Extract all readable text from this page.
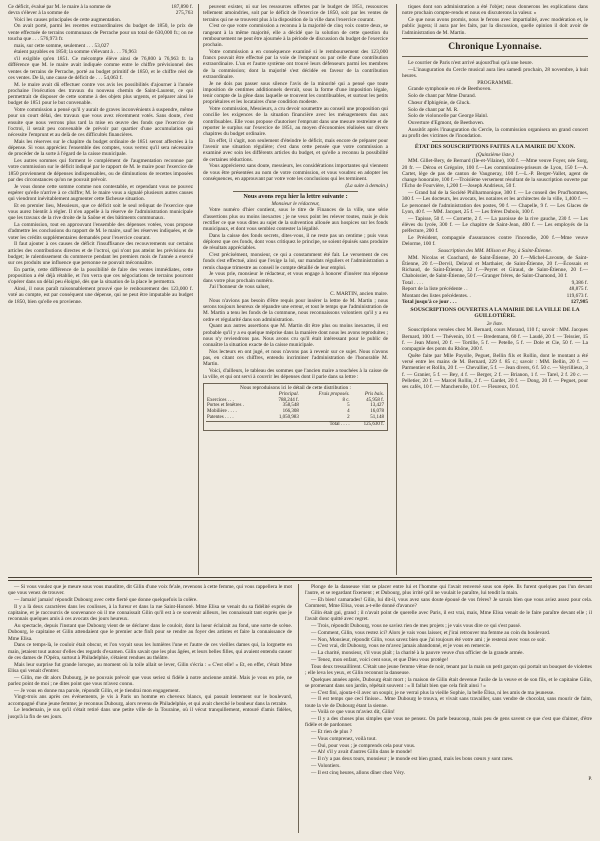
Ce déficit, évalué par M. le maire à la somme de	187,890 f.
devra s'élever à la somme de	275,763

Voici les causes principales de cette augmentation.

On avait porté, parmi les recettes extraordinaires du budget de 1850, le prix de vente effectuée de terrains communaux de Perrache pour un total de 630,000 fr.; on ne toucha que . . . 576,973 fr.

mais, sur cette somme, seulement . . . 53,027

étaient payables en 1850; la somme s'élevant à . . . 76,963

s'il exigible qu'en 1851. Ce mécompte élève ainsi de 76,800 à 76,963 fr. la différence que M. le maire avait indiquée comme entre le chiffre prévisionnel des ventes de terrains de Perrache, porté au budget primitif de 1850, et le chiffre réel de ces ventes. De là, une cause de déficit de . . . 54,063 f.

M. le maire avait dû effectuer contre vos avis les possibilités d'ajourner à l'année prochaine l'exécution des travaux du nouveau chemin de Saint-Laurent, ce qui permettrait de disposer de cette somme à des objets plus urgents, et préparer ainsi le budget de 1851 pour le but convenable.

Votre commission a pensé qu'il y aurait de graves inconvénients à suspendre, même pour un court délai, des travaux que vous avez récemment votés. Sans doute, c'est ensuite que nous verrons plus tard la mise en œuvre des fonds que l'exercice de l'octroi, il serait peu convenable de prévoir par quartier d'une accumulation qui nécessite l'emprunt et au delà de ces difficultés financières.

Mais les réserves sur le chapitre du budget ordinaire de 1851 seront affectées à la dépense. Si vous appréciez l'ensemble des comptes, vous verrez qu'il sera nécessaire de procéder de la sorte à l'égard de la caisse municipale.

Les autres sommes qui forment le complément de l'augmentation reconnue par votre commission sur le déficit indiqué par le rapport de M. le maire pour l'exercice de 1850 proviennent de dépenses indispensables, ou de diminutions de recettes imposées par des circonstances qu'on ne pouvait prévoir.

Je vous donne cette somme comme non contestable, et cependant vous ne pouvez espérer qu'elle n'arrive à ce chiffre; M. le maire vous a signalé plusieurs autres causes qui viendront inévitablement augmenter cette fâcheuse situation.

Et en premier lieu, Messieurs, que ce déficit soit le seul reliquat de l'exercice que vous aurez bientôt à régler. Il n'en appelle à la réserve de l'administration municipale que les travaux de la rive droite de la Saône et des bâtiments communaux.

La commission, tout en approuvant l'ensemble des dépenses votées, vous propose d'admettre les conclusions du rapport de M. le maire, sauf les réserves indiquées, et de voter les crédits supplémentaires demandés pour l'exercice courant.

Il faut ajouter à ces causes de déficit l'insuffisance des recouvrements sur certains articles des contributions directes et de l'octroi, qui n'ont pas atteint les prévisions du budget; le ralentissement du commerce pendant les premiers mois de l'année a exercé sur ces produits une influence que personne ne pouvait méconnaître.

En partie, cette différence de la possibilité de faire des ventes immédiates, cette proposition a été déjà rétablie, et l'on verra que ces négociations de terrains pourront s'opérer dans un délai peu éloigné, dès que la situation de la place le permettra.

Ainsi, il nous paraît raisonnablement prouvé que le renbourement des 123,000 f. voté au compte, est par conséquent une dépense, qui ne peut être imputable au budget de 1850, bien qu'elle en provienne.

peuvent exister, ni sur les ressources offertes par le budget de 1851, ressources tellement amoindries, soit par le déficit de l'exercice de 1850, soit par les ventes de terrains qui ne se trouvent plus à la disposition de la ville dans l'exercice courant.

C'est ce que votre commission a reconnu à la majorité de cinq voix contre deux, se rangeant à la même majorité, elle a décidé que la solution de cette question du remboursement ne peut être ajournée à la période de discussion du budget de l'exercice prochain.

Votre commission a en conséquence examiné si le remboursement des 123,000 francs pouvait être effectué par la voie de l'emprunt ou par celle d'une contribution extraordinaire. L'un et l'autre système ont trouvé leurs défenseurs parmi les membres de la commission; dont la majorité s'est décidée en faveur de la contribution extraordinaire.

Je ne dois pas passer sous silence l'avis de la minorité qui a pensé que toute imposition de centimes additionnels devrait, sous la forme d'une imposition légale, tenir compte de la gêne dans laquelle se trouvent les contribuables, et surtout les petits propriétaires et les locataires d'une condition modeste.

Votre commission, Messieurs, a cru devoir soumettre au conseil une proposition qui concilie les exigences de la situation financière avec les ménagements dus aux contribuables. Elle vous propose d'autoriser l'emprunt dans une mesure restreinte et de reporter le surplus sur l'exercice de 1851, au moyen d'économies réalisées sur divers chapitres du budget ordinaire.

En effet, il s'agit, non seulement d'éteindre le déficit, mais encore de préparer pour l'avenir une situation régulière; c'est dans cette pensée que votre commission a examiné avec soin les différents articles du budget, et qu'elle a reconnu la possibilité de certaines réductions.

Vous apprécierez sans doute, messieurs, les considérations importantes qui viennent de vous être présentées au nom de votre commission, et vous voudrez en adopter les conséquences, en approuvant par votre vote les conclusions qui les terminent.

(La suite à demain.)

Nous avons reçu hier la lettre suivante :

Monsieur le rédacteur,

Votre numéro d'hier contient, sous le titre de Finances de la ville, une série d'assertions plus ou moins inexactes ; je ne veux point les relever toutes, mais je dois rectifier ce que vous dites au sujet de la subvention allouée aux hospices sur les fonds municipaux, et dont vous semblez contester la légalité.

Dans la caisse des fonds secrets, dites-vous, il ne reste pas un centime ; puis vous déplorez que ces fonds, dont vous critiquez le principe, se soient épuisés sans produire de résultats appréciables.

C'est précisément, monsieur, ce qui a constamment été fait. Le versement de ces fonds s'est effectué, ainsi que l'exige la loi, sur mandats réguliers et l'administration a remis chaque trimestre au conseil le compte détaillé de leur emploi.

Je vous prie, monsieur le rédacteur, et vous engage à honorer d'insérer ma réponse dans votre plus prochain numéro.

J'ai l'honneur de vous saluer,

C. MARTIN, ancien maire.

Nous n'avions pas besoin d'être requis pour insérer la lettre de M. Martin ; nous serons toujours heureux de répandre une erreur, et tout le temps que l'administration de M. Martin a tenu les fonds de la commune, nous reconnaissons volontiers qu'il y a eu ordre et régularité dans son administration.

Quant aux autres assertions que M. Martin dit être plus ou moins inexactes, il est probable qu'il y a eu quelque méprise dans la manière dont nous les avons reproduites ; nous n'y reviendrons pas. Nous avons cru qu'il était intéressant pour le public de connaître la situation exacte de la caisse municipale.

Nos lecteurs en ont jugé, et nous n'avons pas à revenir sur ce sujet. Nous n'avons pas, en citant ces chiffres, entendu incriminer l'administration de l'honorable M. Martin.

Voici, d'ailleurs, le tableau des sommes que l'ancien maire a touchées à la caisse de la ville, et qui ont servi à couvrir les dépenses dont il parle dans sa lettre :

Nous reproduisons ici le détail de cette distribution :

	Principal.	Frais proposés.	Pris bais.
Exercices . . .	788,244 f.	8 c.	45,958 f.
Portes et fenêtres .	358,548	5	13,427
Mobilière . . . .	166,308	4	16,078
Patentes . . . .	1,050,983	2	51,148
Total . . . .			125,630 f.

tiques dont son administration a été l'objet; nous donnerons les explications dans notre prochain compte-rendu et nous en discuterons la valeur. »

Ce que nous avons promis, nous le ferons avec impartialité, avec modération et, le public jugera; il aura par les faits, par la discussion, quelle opinion il doit avoir de l'administration de M. Martin.

Chronique Lyonnaise.

Le courrier de Paris n'est arrivé aujourd'hui qu'à une heure.

—L'inauguration du Cercle musical aura lieu samedi prochain, 28 novembre, à huit heures.

PROGRAMME.

Grande symphonie en ré de Beethoven.

Solo de chant par Mme Durand.

Chœur d'Iphigénie, de Gluck.

Solo de chant par M. R.

Solo de violoncelle par George Hainl.

Ouverture d'Egmont, de Beethoven.

Aussitôt après l'inauguration du Cercle, la commission organisera un grand concert au profit des victimes de l'inondation.

ÉTAT DES SOUSCRIPTIONS FAITES A LA MAIRIE DU XXON.

(Quinzième liste.)

MM. Gillet-Bery, de Bernard (Ile-et-Vilaine), 100 f. —Mme veuve Foyer, née Sorg, 20 fr. — Dérou et Grégoire, 100 f.—Les commissaires-priseurs de Lyon, 150 f.—A. Cartet, lège de pas de canton de Vaugneray, 100 f.—L.-P. Berger-Vallet, agent de change honoraire, 100 f.—Troisième versement résultant de la souscription ouverte par l'Écho de Fourvière, 1,200 f.—Joseph Andrieux, 50 f.

— Grand bal de la Société Philharmonique, 300 f. — Le conseil des Prud'hommes, 300 f. — Les docteurs, les avocats, les notaires et les architectes de la ville, 1,400 f. — Le personnel de l'administration des postes, 90 f. — Chapelle, 9 f. — Les Glaces de Lyon, 40 f. — MM. Jacquet, 25 f. — Les frères Dubois, 100 f.

— Tapisse, 50 f. — Cornette, 2 f. — La paroisse de la rive gauche, 230 f. — Les élèves du lycée, 300 f. — Le chapitre de Saint-Jean, 400 f. — Les employés de la préfecture, 200 f.

Le Président, compagnie d'assurances contre l'incendie, 200 f.—Mme veuve Delorme, 100 f.

Souscription des MM. Milson et Poy, à Saint-Étienne.

MM. Nicolas et Coachard, de Saint-Étienne, 20 f.—Michel-Lavoute, de Saint-Étienne, 20 f.—Dervil, Delaval et Marthaier, de Saint-Étienne, 20 f.—Écossais et Richaud, de Saint-Étienne, 32 f.—Peyret et Giraud, de Saint-Étienne, 20 f.—Chaboissier, de Saint-Étienne, 50 f.—Granger frères, de Saint-Chamond, 30 f.

Total . . . .	9,386 f.
Report de la liste précédente . .	48,875 f.
Montant des listes précédentes. .	119,673 f.
Total jusqu'à ce jour . . .	127,985

SOUSCRIPTIONS OUVERTES A LA MAIRIE DE LA VILLE DE LA GUILLOTIÈRE.

2e liste.

Souscriptions versées chez M. Bernard, cours Morand, 110 f.; savoir : MM. Jacques Bernard, 100 f. — Thévenin, 10 f. — Bredemann, 60 f. — Laudé, 20 f. — Teissier, 15 f. — Jean Morel, 20 f. — Tortille, 5 f. — Petelle, 5 f. — Dole et Cie, 50 f. — La compagnie des ponts du Rhône, 200 f.

Quête faite par Mlle Payolle, Peguet, Bellin fils et Rollin, dont le montant a été versé entre les mains de M. Bernard, 229 f. 85 c.; savoir : MM. Bellin, 20 f. — Parmentier et Rollin, 20 f. — Chevallier, 5 f. — Jean divers, 6 f. 50 c. — Veyrillieux, 3 f. — Granier, 5 f. — Bey, 4 f. — Berger, 2 f. — Brianon, 1 f. — Tarel, 2 f. 20 c. — Pelletier, 20 f. — Marcel Rollin, 2 f. — Gardet, 20 f. — Dong, 20 f. — Peguet, pour ses cafés, 10 f. — Mancherolle, 10 f. — Fleureux, 10 f.

— Si vous voulez que je meure sous vous mauditre, dit Gilin d'une voix fe'ale, revenons à cette femme, qui vous rappellera le mot que vous venez de trouver.

— Jamais! jamais! répondit Dubourg avec cette fierté que donne quelquefois la colère.

Il y a là deux caractères dans les coulisses, à la fureur et dans la rue Saint-Honoré. Mme Elisa se venait du sa fidélité exprès de capitaine, et je raccourcis de souvenance où il me connaissait Gilin qu'il est à ce souvenir ailleurs, les connaissait tant exprès que je reconnais quelques amis à ces avocats des jours heureux.

Au spectacle, depuis l'instant que Dubourg vient de se déclarer dans le couloir, dont la lueur éclairait au fond, une sorte de scène. Dubourg, le capitaine et Gilin attendaient que le premier acte finît pour se rendre au foyer des artistes et faire la connaissance de Mme Elisa.

Dans ce temps-là, le couloir était obscur, et l'on voyait sous les lumières l'une et l'autre de ces vieilles dames qui, la lorgnette en main, jetaient tout autour d'elles des regards d'examen. Gilin savait que les plus âgées, et leurs belles filles, qui avaient entendu causer de ces dames de l'Opéra, surtout à Philadelphie, s'étaient rendues au théâtre.

Mais leur surprise fut grande lorsque, au moment où la toile allait se lever, Gilin s'écria : « C'est elle! » Et, en effet, c'était Mme Elisa qui venait d'entrer.

— Gilin, me dit alors Dubourg, je ne pouvais prévoir que vous seriez si fidèle à notre ancienne amitié. Mais je vous en prie, ne parlez point de moi ; ne dites point que vous m'avez connu.

— Je vous en donne ma parole, répondit Gilin, et je tiendrai mon engagement.

Vingt-trois ans après ces événements, je vis à Paris un homme en cheveux blancs, qui passait lentement sur le boulevard, accompagné d'une jeune femme; je reconnus Dubourg, alors revenu de Philadelphie, et qui avait cherché le bonheur dans la retraite.

Le lendemain, je sus qu'il s'était retiré dans une petite ville de la Touraine, où il vécut tranquillement, entouré d'amis fidèles, jusqu'à la fin de ses jours.

Plonge de la danseuse vint se placer entre lui et l'homme qui l'avait renversé sous son épée. Ils furent quelques pas l'un devant l'autre, et se regardant fixement ; et Dubourg, plus irrité qu'il ne voulait le paraître, lui tendit la main.

— Eh bien! camarades! Gilin, lui dit-il, vous avez sans doute épousé de vos frères? Je savais bien que vous aviez assez pour cela. Comment, Mme Elisa, vous a-t-elle donné d'avance?

Gilin était gai, grand ; il n'avait point de querelle avec Paris, il est vrai, mais, Mme Elisa venait de le faire paraître devant elle ; il l'avait donc quitté avec regret.

— Trois, répondit Dubourg, vous ne saviez rien de mes projets ; je vais vous dire ce qui s'est passé.

— Comment, Gilin, vous restez ici? Alors je vais vous laisser, et j'irai retrouver ma femme au coin du boulevard.

— Non, Monsieur, répondit Gilin, vous savez bien que j'ai toujours été votre ami ; je resterai avec vous ce soir.

— C'est vrai, dit Dubourg, vous ne m'avez jamais abandonné, et je vous en remercie.

— La charité, monsieur, s'il vous plaît ; la charité à la pauvre veuve d'un officier de la grande armée.

— Tenez, mon enfant, voici cent sous, et que Dieu vous protège!

Tous deux tressaillirent. C'était une jeune femme vêtue de noir, tenant par la main un petit garçon qui portait un bouquet de violettes ; elle leva les yeux, et Gilin reconnut la danseuse.

Quelques années après, Dubourg était mort ; la maison de Gilin était devenue l'asile de la veuve et de son fils, et le capitaine Gilin, se promenant dans son jardin, répétait souvent : « Il fallait bien que cela finît ainsi ! »

— C'est fini, ajouta-t-il avec un soupir, je ne verrai plus la vieille Sophie, la belle Élisa, ni les amis de ma jeunesse.

— Il est temps que ceci finisse... Mme Dubourg le trouva, et vivait sans travailler, sans vendre de chocolat, sans mourir de faim, toute la vie de Dubourg étant la sienne.

— Voilà ce que vous m'aviez dit, Gilin!

— Il y a des choses plus simples que vous ne pensez. On parle beaucoup, mais peu de gens savent ce que c'est que d'aimer, d'être fidèle et de pardonner.

— Et rien de plus ?

— Vous comprenez, voilà tout.

— Oui, pour vous ; je comprends cela pour vous.

— Ah! s'il y avait d'autres Gilin dans le monde!

— Il n'y a pas deux tours, monsieur ; le monde est bien grand, mais les bons cœurs y sont rares.

— Volontiers.

— Il est cinq heures, allons dîner chez Véry.

P.
